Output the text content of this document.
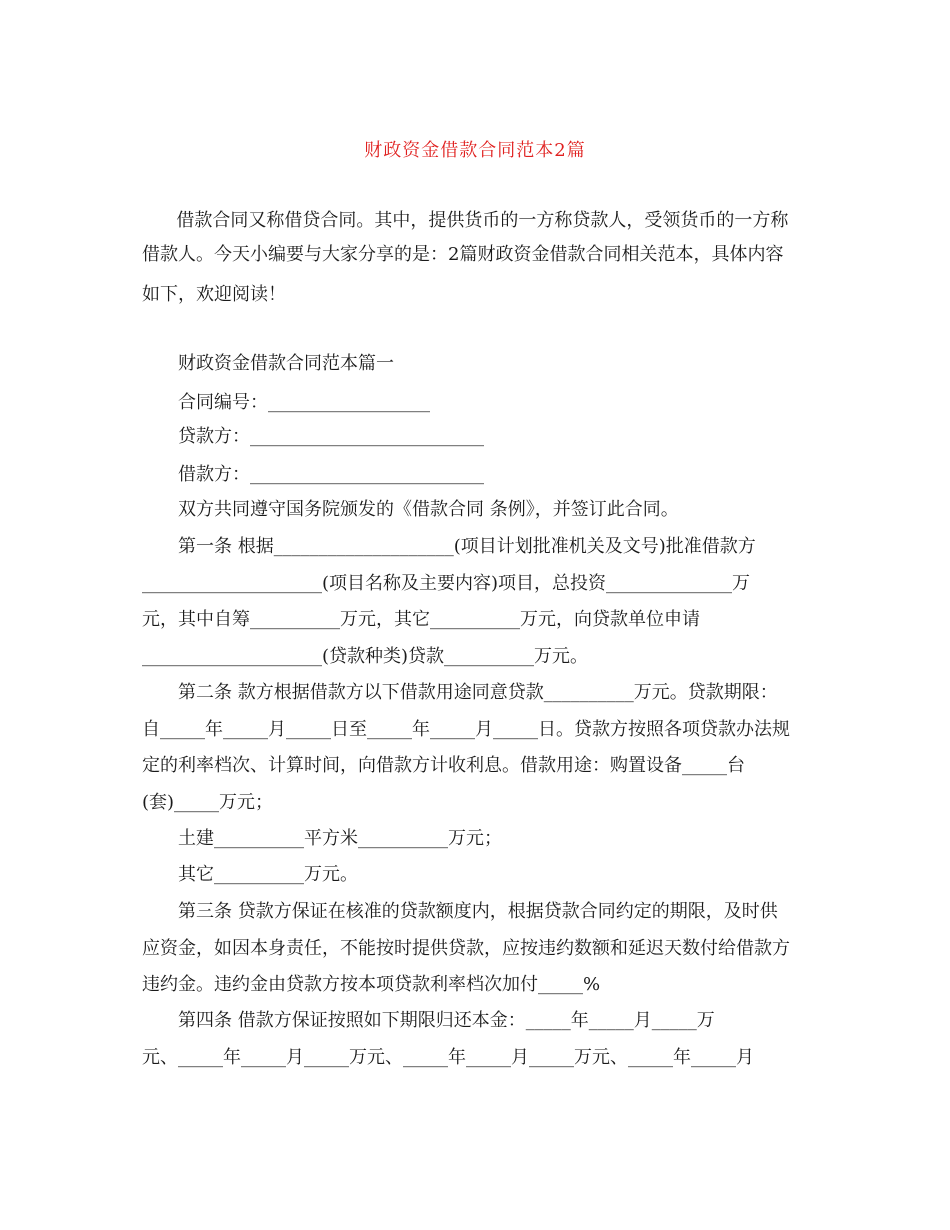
财政资金借款合同范本2篇
借款合同又称借贷合同。其中，提供货币的一方称贷款人，受领货币的一方称
借款人。今天小编要与大家分享的是：2篇财政资金借款合同相关范本，具体内容
如下，欢迎阅读！
财政资金借款合同范本篇一
合同编号：__________________
贷款方：__________________________
借款方：__________________________
双方共同遵守国务院颁发的《借款合同 条例》，并签订此合同。
第一条 根据____________________(项目计划批准机关及文号)批准借款方
____________________(项目名称及主要内容)项目，总投资______________万
元，其中自筹__________万元，其它__________万元，向贷款单位申请
____________________(贷款种类)贷款__________万元。
第二条 款方根据借款方以下借款用途同意贷款__________万元。贷款期限：
自_____年_____月_____日至_____年_____月_____日。贷款方按照各项贷款办法规
定的利率档次、计算时间，向借款方计收利息。借款用途：购置设备_____台
(套)_____万元；
土建__________平方米__________万元；
其它__________万元。
第三条 贷款方保证在核准的贷款额度内，根据贷款合同约定的期限，及时供
应资金，如因本身责任，不能按时提供贷款，应按违约数额和延迟天数付给借款方
违约金。违约金由贷款方按本项贷款利率档次加付_____%
第四条 借款方保证按照如下期限归还本金：_____年_____月_____万
元、_____年_____月_____万元、_____年_____月_____万元、_____年_____月
